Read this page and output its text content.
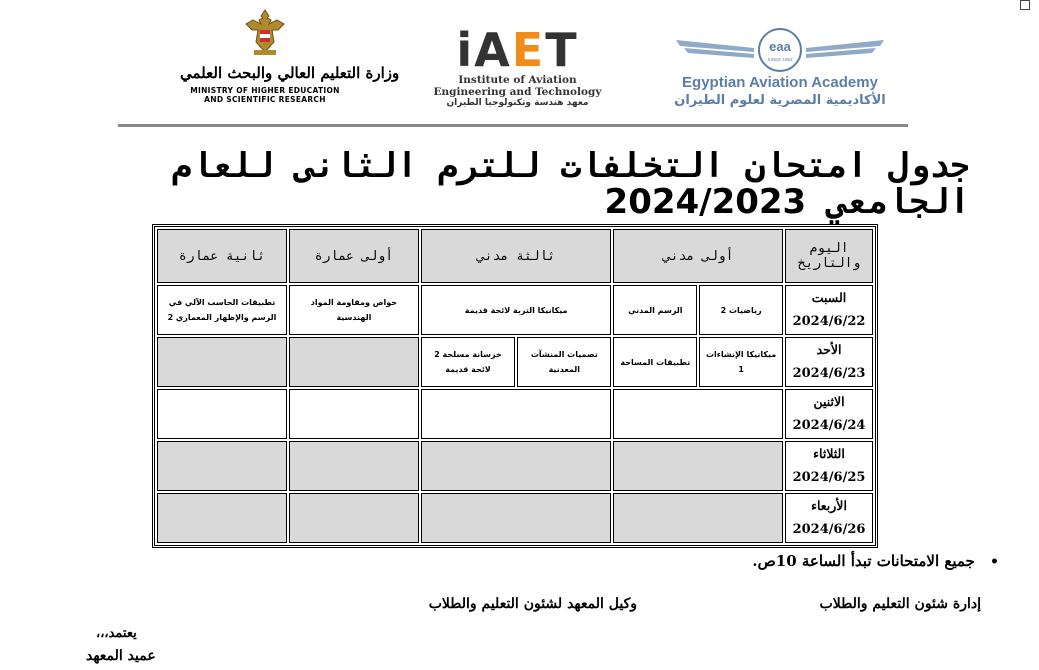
وزارة التعليم العالي والبحث العلمي
MINISTRY OF HIGHER EDUCATION
AND SCIENTIFIC RESEARCH
iAET
Institute of Aviation
Engineering and Technology
معهد هندسة وتكنولوجيا الطيران
eaa
SINCE 1962
Egyptian Aviation Academy
الأكاديمية المصرية لعلوم الطيران
جدول امتحان التخلفات للترم الثانى للعام الجامعي 2024/2023
اليوم والتاريخ	أولى مدني		ثالثة مدني		أولى عمارة	ثانية عمارة

السبت
2024/6/22	رياضيات 2	الرسم المدني	ميكانيكا التربة لائحة قديمة		خواص ومقاومة المواد الهندسية	تطبيقات الحاسب الآلي في الرسم والإظهار المعماري 2

الأحد
2024/6/23	ميكانيكا الإنشاءات 1	تطبيقات المساحة	تصميات المنشآت المعدنية	خرسانة مسلحة 2 لائحة قديمة		

الاثنين
2024/6/24						

الثلاثاء
2024/6/25						

الأربعاء
2024/6/26						

• جميع الامتحانات تبدأ الساعة 10ص.
إدارة شئون التعليم والطلاب
وكيل المعهد لشئون التعليم والطلاب
يعتمد،،،
عميد المعهد
